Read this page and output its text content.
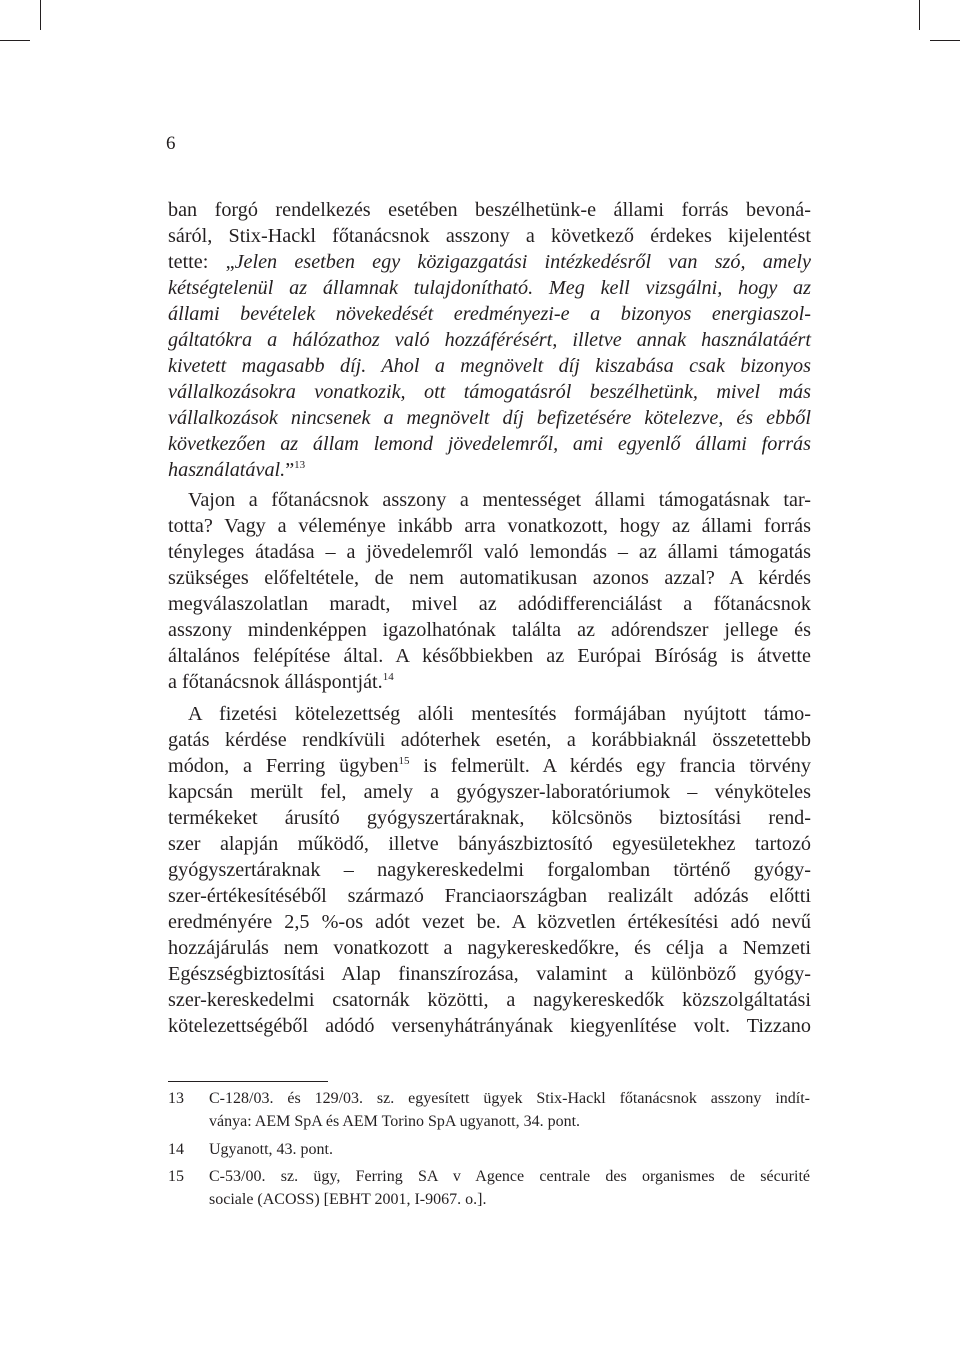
6
ban forgó rendelkezés esetében beszélhetünk-e állami forrás bevoná-
sáról, Stix-Hackl főtanácsnok asszony a következő érdekes kijelentést
tette: „Jelen esetben egy közigazgatási intézkedésről van szó, amely
kétségtelenül az államnak tulajdonítható. Meg kell vizsgálni, hogy az
állami bevételek növekedését eredményezi-e a bizonyos energiaszol-
gáltatókra a hálózathoz való hozzáférésért, illetve annak használatáért
kivetett magasabb díj. Ahol a megnövelt díj kiszabása csak bizonyos
vállalkozásokra vonatkozik, ott támogatásról beszélhetünk, mivel más
vállalkozások nincsenek a megnövelt díj befizetésére kötelezve, és ebből
következően az állam lemond jövedelemről, ami egyenlő állami forrás
használatával.”$^{13}$
Vajon a főtanácsnok asszony a mentességet állami támogatásnak tar-
totta? Vagy a véleménye inkább arra vonatkozott, hogy az állami forrás
tényleges átadása – a jövedelemről való lemondás – az állami támogatás
szükséges előfeltétele, de nem automatikusan azonos azzal? A kérdés
megválaszolatlan maradt, mivel az adódifferenciálást a főtanácsnok
asszony mindenképpen igazolhatónak találta az adórendszer jellege és
általános felépítése által. A későbbiekben az Európai Bíróság is átvette
a főtanácsnok álláspontját.$^{14}$
A fizetési kötelezettség alóli mentesítés formájában nyújtott támo-
gatás kérdése rendkívüli adóterhek esetén, a korábbiaknál összetettebb
módon, a Ferring ügyben$^{15}$ is felmerült. A kérdés egy francia törvény
kapcsán merült fel, amely a gyógyszer-laboratóriumok – vényköteles
termékeket árusító gyógyszertáraknak, kölcsönös biztosítási rend-
szer alapján működő, illetve bányászbiztosító egyesületekhez tartozó
gyógyszertáraknak – nagykereskedelmi forgalomban történő gyógy-
szer-értékesítéséből származó Franciaországban realizált adózás előtti
eredményére 2,5 %-os adót vezet be. A közvetlen értékesítési adó nevű
hozzájárulás nem vonatkozott a nagykereskedőkre, és célja a Nemzeti
Egészségbiztosítási Alap finanszírozása, valamint a különböző gyógy-
szer-kereskedelmi csatornák közötti, a nagykereskedők közszolgáltatási
kötelezettségéből adódó versenyhátrányának kiegyenlítése volt. Tizzano
13 C-128/03. és 129/03. sz. egyesített ügyek Stix-Hackl főtanácsnok asszony indít-
ványa: AEM SpA és AEM Torino SpA ugyanott, 34. pont.
14 Ugyanott, 43. pont.
15 C-53/00. sz. ügy, Ferring SA v Agence centrale des organismes de sécurité
sociale (ACOSS) [EBHT 2001, I-9067. o.].
